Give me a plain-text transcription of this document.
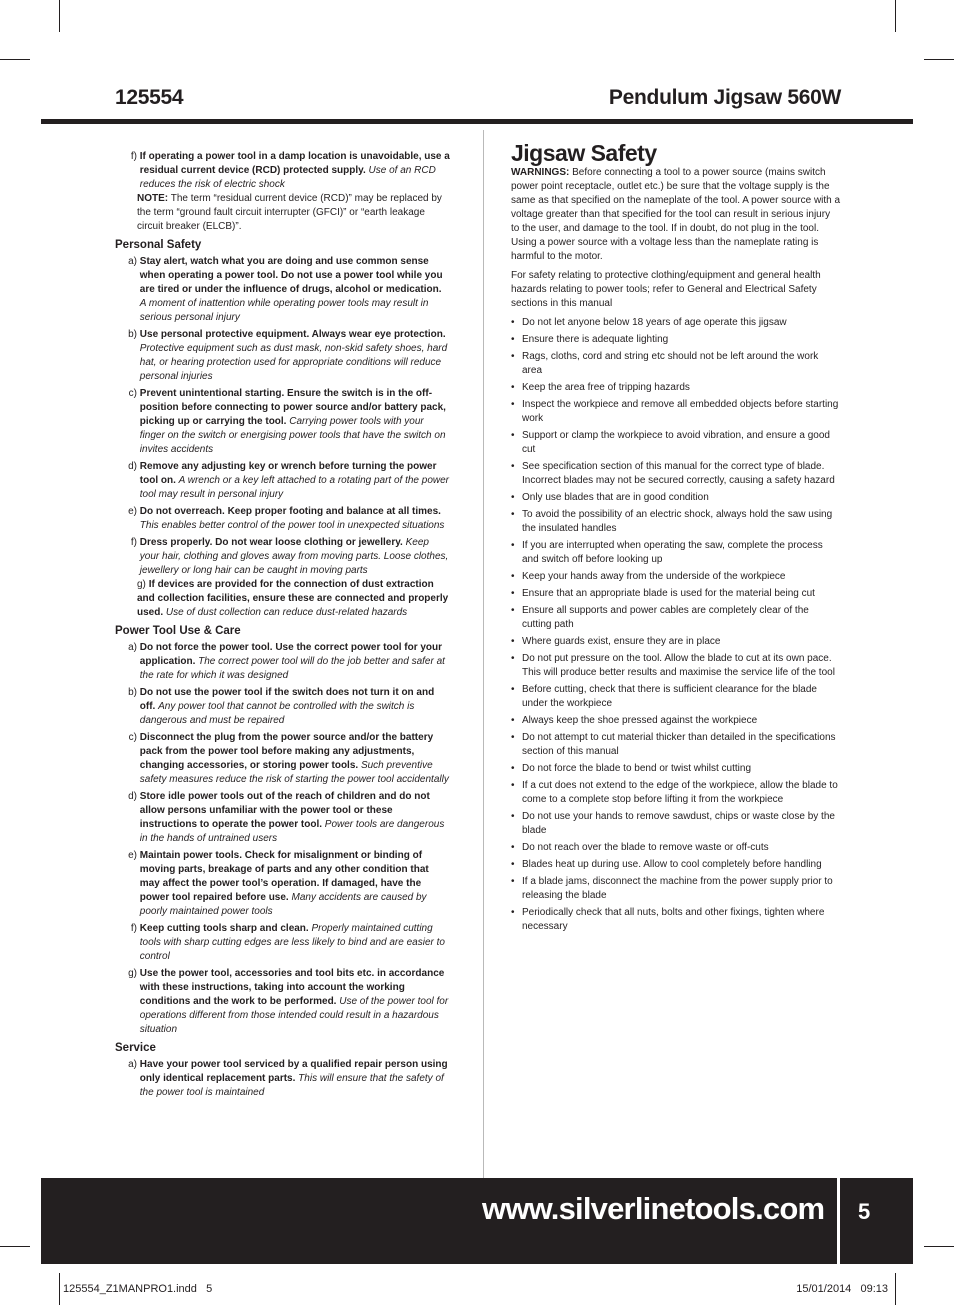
125554	Pendulum Jigsaw 560W
f)
If operating a power tool in a damp location is unavoidable, use a residual current device (RCD) protected supply. Use of an RCD reduces the risk of electric shock
NOTE: The term “residual current device (RCD)” may be replaced by the term “ground fault circuit interrupter (GFCI)” or “earth leakage circuit breaker (ELCB)”.
Personal Safety
a)
Stay alert, watch what you are doing and use common sense when operating a power tool. Do not use a power tool while you are tired or under the influence of drugs, alcohol or medication. A moment of inattention while operating power tools may result in serious personal injury
b)
Use personal protective equipment. Always wear eye protection. Protective equipment such as dust mask, non-skid safety shoes, hard hat, or hearing protection used for appropriate conditions will reduce personal injuries
c)
Prevent unintentional starting. Ensure the switch is in the off-position before connecting to power source and/or battery pack, picking up or carrying the tool. Carrying power tools with your finger on the switch or energising power tools that have the switch on invites accidents
d)
Remove any adjusting key or wrench before turning the power tool on. A wrench or a key left attached to a rotating part of the power tool may result in personal injury
e)
Do not overreach. Keep proper footing and balance at all times. This enables better control of the power tool in unexpected situations
f)
Dress properly. Do not wear loose clothing or jewellery. Keep your hair, clothing and gloves away from moving parts. Loose clothes, jewellery or long hair can be caught in moving parts
g) If devices are provided for the connection of dust extraction and collection facilities, ensure these are connected and properly used. Use of dust collection can reduce dust-related hazards
Power Tool Use & Care
a)
Do not force the power tool. Use the correct power tool for your application. The correct power tool will do the job better and safer at the rate for which it was designed
b)
Do not use the power tool if the switch does not turn it on and off. Any power tool that cannot be controlled with the switch is dangerous and must be repaired
c)
Disconnect the plug from the power source and/or the battery pack from the power tool before making any adjustments, changing accessories, or storing power tools. Such preventive safety measures reduce the risk of starting the power tool accidentally
d)
Store idle power tools out of the reach of children and do not allow persons unfamiliar with the power tool or these instructions to operate the power tool. Power tools are dangerous in the hands of untrained users
e)
Maintain power tools. Check for misalignment or binding of moving parts, breakage of parts and any other condition that may affect the power tool’s operation. If damaged, have the power tool repaired before use. Many accidents are caused by poorly maintained power tools
f)
Keep cutting tools sharp and clean. Properly maintained cutting tools with sharp cutting edges are less likely to bind and are easier to control
g)
Use the power tool, accessories and tool bits etc. in accordance with these instructions, taking into account the working conditions and the work to be performed. Use of the power tool for operations different from those intended could result in a hazardous situation
Service
a)
Have your power tool serviced by a qualified repair person using only identical replacement parts. This will ensure that the safety of the power tool is maintained
Jigsaw Safety

WARNINGS: Before connecting a tool to a power source (mains switch power point receptacle, outlet etc.) be sure that the voltage supply is the same as that specified on the nameplate of the tool. A power source with a voltage greater than that specified for the tool can result in serious injury to the user, and damage to the tool. If in doubt, do not plug in the tool. Using a power source with a voltage less than the nameplate rating is harmful to the motor.

For safety relating to protective clothing/equipment and general health hazards relating to power tools; refer to General and Electrical Safety sections in this manual

• Do not let anyone below 18 years of age operate this jigsaw
• Ensure there is adequate lighting
• Rags, cloths, cord and string etc should not be left around the work area
• Keep the area free of tripping hazards
• Inspect the workpiece and remove all embedded objects before starting work
• Support or clamp the workpiece to avoid vibration, and ensure a good cut
• See specification section of this manual for the correct type of blade. Incorrect blades may not be secured correctly, causing a safety hazard
• Only use blades that are in good condition
• To avoid the possibility of an electric shock, always hold the saw using the insulated handles
• If you are interrupted when operating the saw, complete the process and switch off before looking up
• Keep your hands away from the underside of the workpiece
• Ensure that an appropriate blade is used for the material being cut
• Ensure all supports and power cables are completely clear of the cutting path
• Where guards exist, ensure they are in place
• Do not put pressure on the tool. Allow the blade to cut at its own pace. This will produce better results and maximise the service life of the tool
• Before cutting, check that there is sufficient clearance for the blade under the workpiece
• Always keep the shoe pressed against the workpiece
• Do not attempt to cut material thicker than detailed in the specifications section of this manual
• Do not force the blade to bend or twist whilst cutting
• If a cut does not extend to the edge of the workpiece, allow the blade to come to a complete stop before lifting it from the workpiece
• Do not use your hands to remove sawdust, chips or waste close by the blade
• Do not reach over the blade to remove waste or off-cuts
• Blades heat up during use. Allow to cool completely before handling
• If a blade jams, disconnect the machine from the power supply prior to releasing the blade
• Periodically check that all nuts, bolts and other fixings, tighten where necessary
www.silverlinetools.com 5
125554_Z1MANPRO1.indd   5	15/01/2014   09:13
